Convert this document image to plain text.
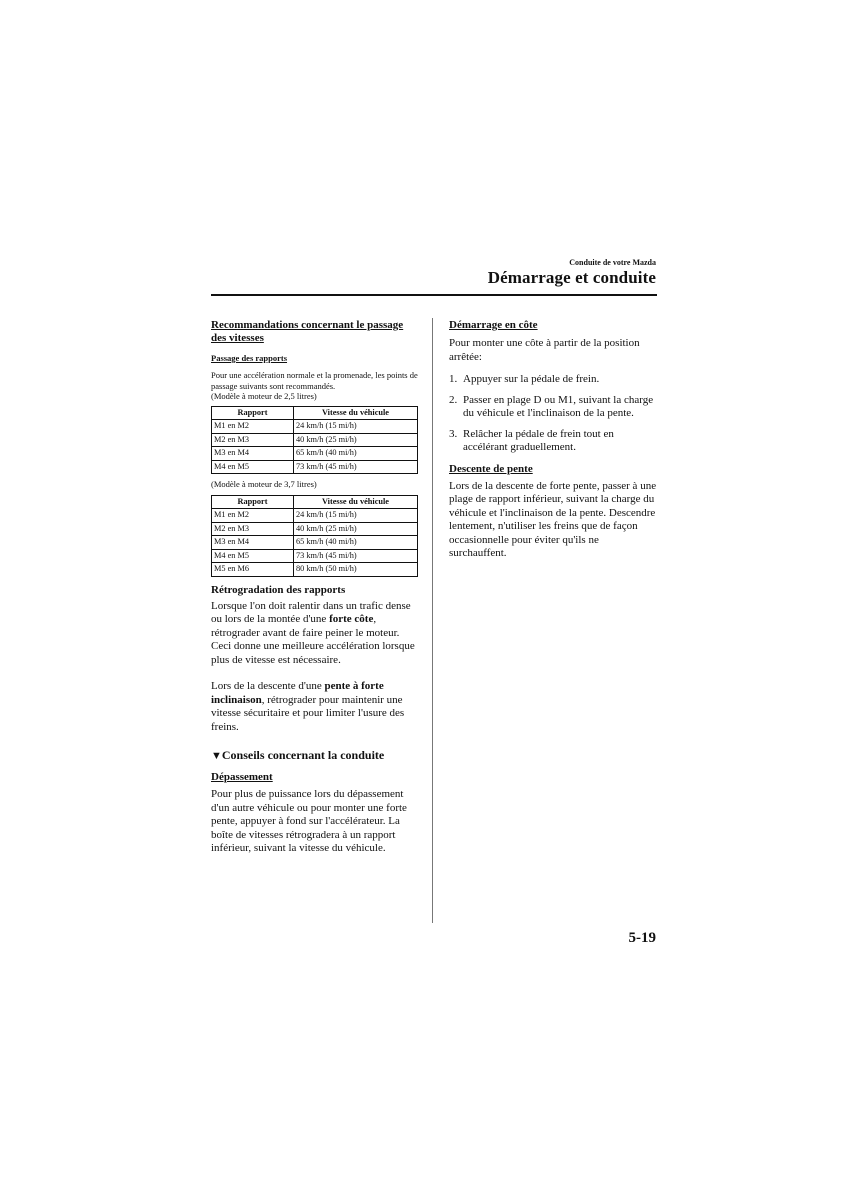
Conduite de votre Mazda
Démarrage et conduite
Recommandations concernant le passage des vitesses
Passage des rapports
Pour une accélération normale et la promenade, les points de passage suivants sont recommandés.
(Modèle à moteur de 2,5 litres)
Rapport	Vitesse du véhicule
M1 en M2	24 km/h (15 mi/h)
M2 en M3	40 km/h (25 mi/h)
M3 en M4	65 km/h (40 mi/h)
M4 en M5	73 km/h (45 mi/h)
(Modèle à moteur de 3,7 litres)
Rapport	Vitesse du véhicule
M1 en M2	24 km/h (15 mi/h)
M2 en M3	40 km/h (25 mi/h)
M3 en M4	65 km/h (40 mi/h)
M4 en M5	73 km/h (45 mi/h)
M5 en M6	80 km/h (50 mi/h)
Rétrogradation des rapports
Lorsque l'on doit ralentir dans un trafic dense ou lors de la montée d'une forte côte, rétrograder avant de faire peiner le moteur. Ceci donne une meilleure accélération lorsque plus de vitesse est nécessaire.
Lors de la descente d'une pente à forte inclinaison, rétrograder pour maintenir une vitesse sécuritaire et pour limiter l'usure des freins.
▼Conseils concernant la conduite
Dépassement
Pour plus de puissance lors du dépassement d'un autre véhicule ou pour monter une forte pente, appuyer à fond sur l'accélérateur. La boîte de vitesses rétrogradera à un rapport inférieur, suivant la vitesse du véhicule.
Démarrage en côte
Pour monter une côte à partir de la position arrêtée:
1. Appuyer sur la pédale de frein.
2. Passer en plage D ou M1, suivant la charge du véhicule et l'inclinaison de la pente.
3. Relâcher la pédale de frein tout en accélérant graduellement.
Descente de pente
Lors de la descente de forte pente, passer à une plage de rapport inférieur, suivant la charge du véhicule et l'inclinaison de la pente. Descendre lentement, n'utiliser les freins que de façon occasionnelle pour éviter qu'ils ne surchauffent.
5-19
